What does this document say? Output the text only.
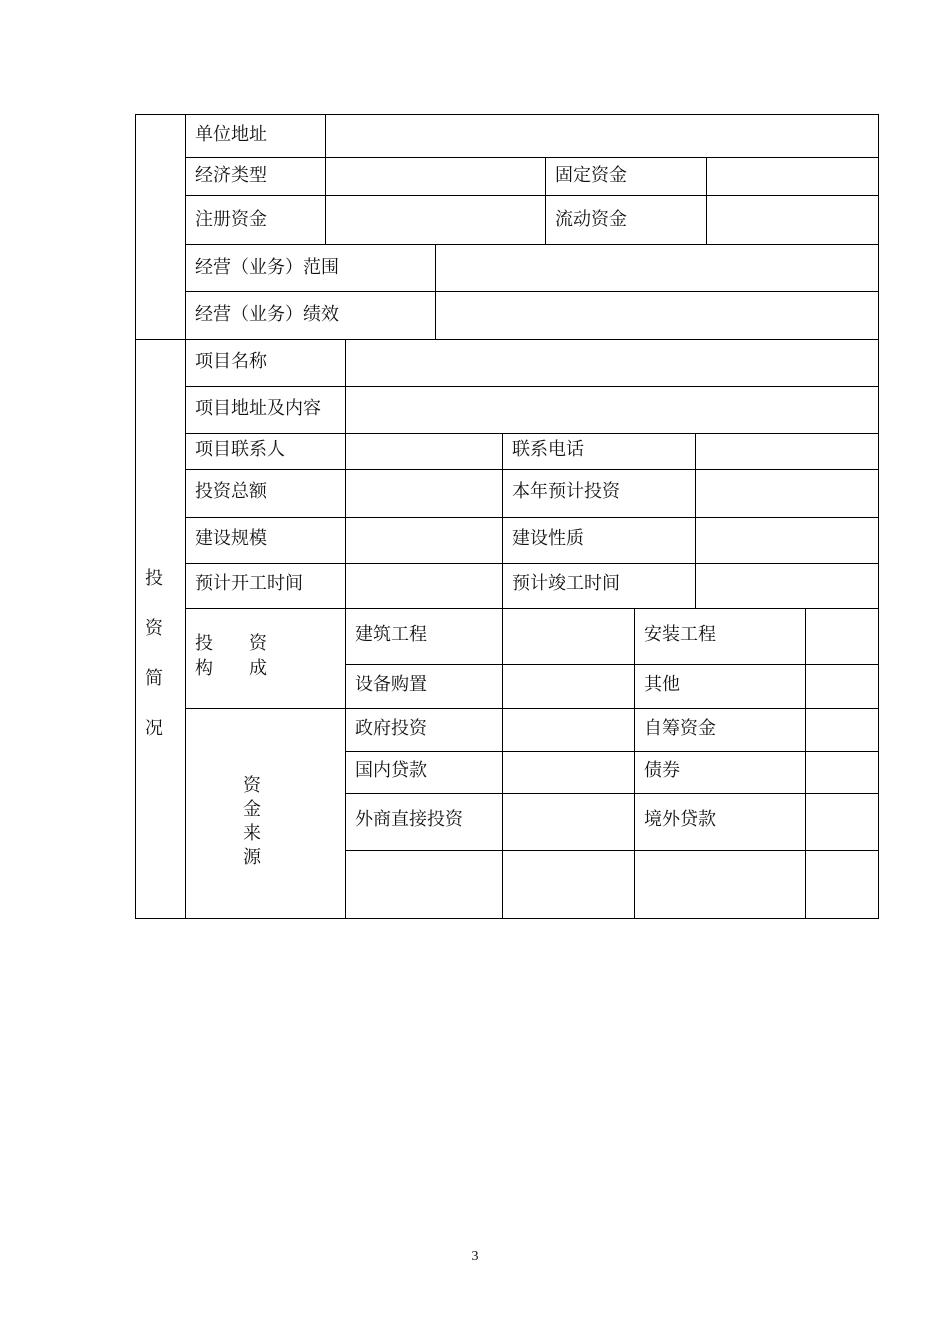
单位地址
经济类型	固定资金
注册资金	流动资金
经营（业务）范围
经营（业务）绩效
投
资
简
况
项目名称
项目地址及内容
项目联系人	联系电话
投资总额	本年预计投资
建设规模	建设性质
预计开工时间	预计竣工时间
投　　资
构　　成
建筑工程	安装工程
设备购置	其他
资
金
来
源
政府投资	自筹资金
国内贷款	债券
外商直接投资	境外贷款
3
